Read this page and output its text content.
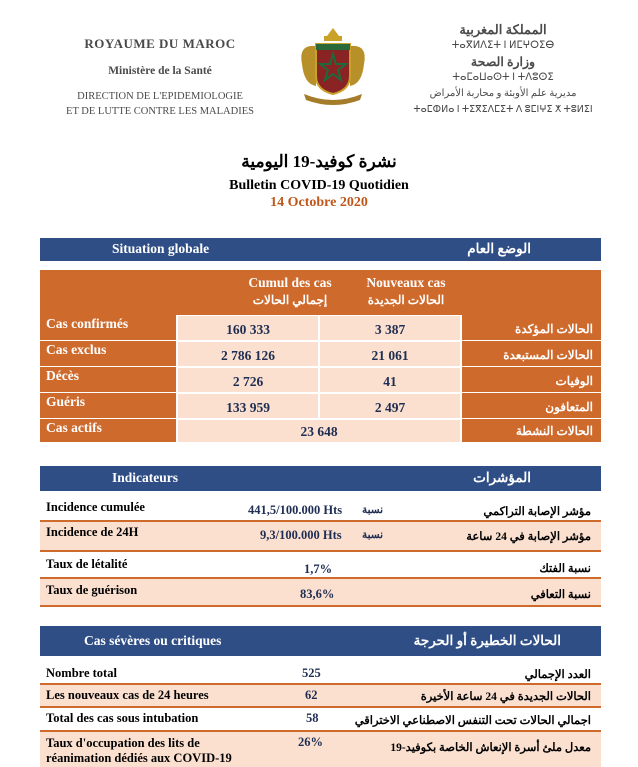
ROYAUME DU MAROC
Ministère de la Santé
DIRECTION DE L'EPIDEMIOLOGIE
ET DE LUTTE CONTRE LES MALADIES
المملكة المغربية
ⵜⴰⴳⵍⴷⵉⵜ ⵏ ⵍⵎⵖⵔⵉⴱ
وزارة الصحة
ⵜⴰⵎⴰⵡⴰⵙⵜ ⵏ ⵜⴷⵓⵙⵉ
مديرية علم الأوبئة و محاربة الأمراض
ⵜⴰⵎⵀⵍⴰ ⵏ ⵜⵉⴳⵉⴷⵎⵉⵜ ⴷ ⵓⵎⵏⵖⵉ ⵅ ⵜⵓⵍⵉⵏ
نشرة كوفيد-19 اليومية
Bulletin COVID-19 Quotidien
14 Octobre 2020
Situation globale	الوضع العام
Cumul des cas
إجمالي الحالات
Nouveaux cas
الحالات الجديدة
Cas confirmés	160 333	3 387	الحالات المؤكدة
Cas exclus	2 786 126	21 061	الحالات المستبعدة
Décès	2 726	41	الوفيات
Guéris	133 959	2 497	المتعافون
Cas actifs	23 648	الحالات النشطة
Indicateurs	المؤشرات
Incidence cumulée	441,5/100.000 Hts نسبة	مؤشر الإصابة التراكمي
Incidence de 24H	9,3/100.000 Hts نسبة	مؤشر الإصابة في 24 ساعة
Taux de létalité	1,7%	نسبة الفتك
Taux de guérison	83,6%	نسبة التعافي
Cas sévères ou critiques	الحالات الخطيرة أو الحرجة
Nombre total	525	العدد الإجمالي
Les nouveaux cas de 24 heures	62	الحالات الجديدة في 24 ساعة الأخيرة
Total des cas sous intubation	58	اجمالي الحالات تحت التنفس الاصطناعي الاختراقي
Taux d'occupation des lits de
réanimation dédiés aux COVID-19
26%	معدل ملئ أسرة الإنعاش الخاصة بكوفيد-19
